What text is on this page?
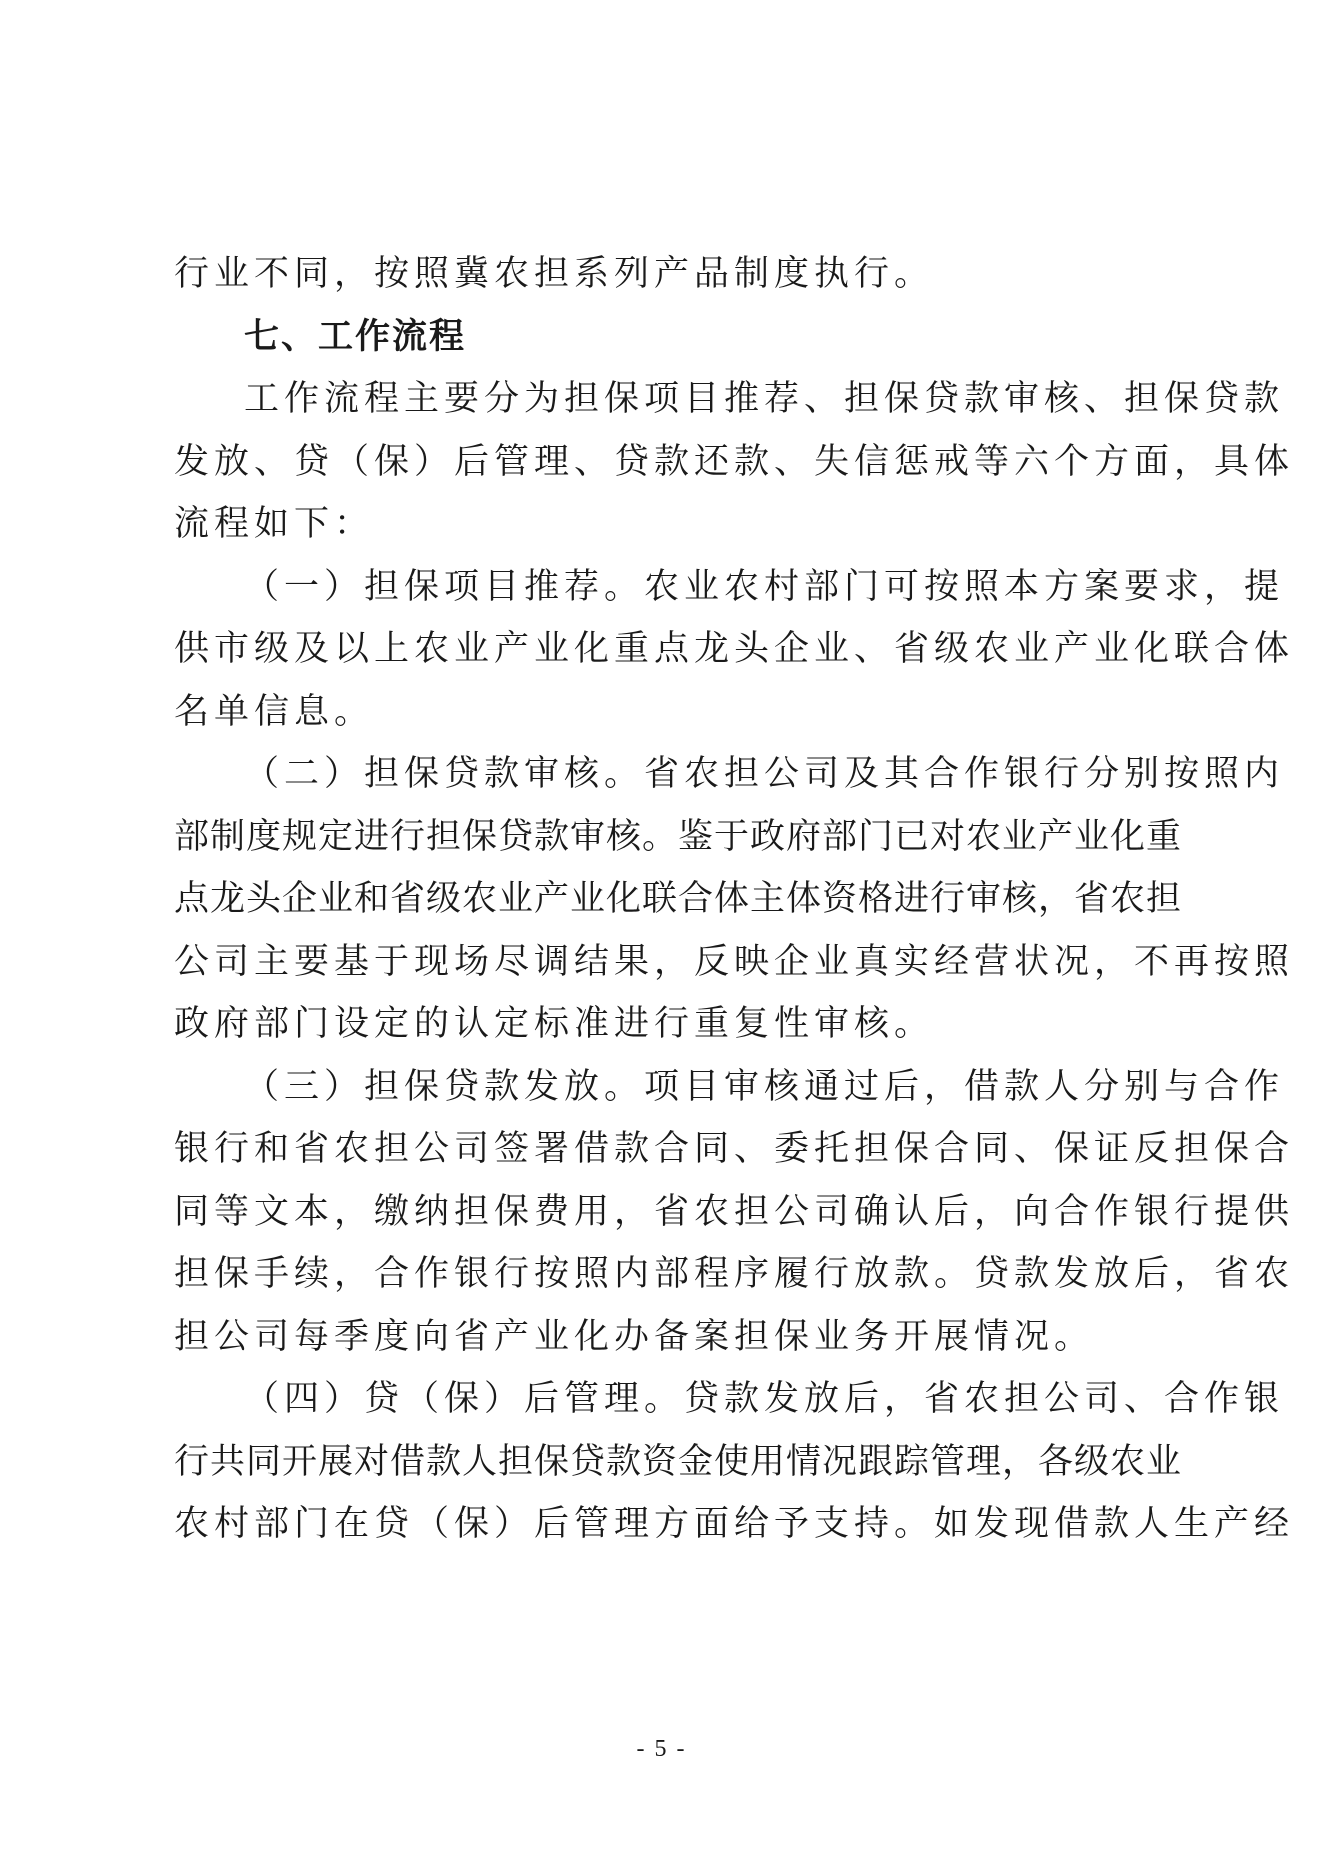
行业不同，按照冀农担系列产品制度执行。
七、工作流程
工作流程主要分为担保项目推荐、担保贷款审核、担保贷款
发放、贷（保）后管理、贷款还款、失信惩戒等六个方面，具体
流程如下：
（一）担保项目推荐。农业农村部门可按照本方案要求，提
供市级及以上农业产业化重点龙头企业、省级农业产业化联合体
名单信息。
（二）担保贷款审核。省农担公司及其合作银行分别按照内
部制度规定进行担保贷款审核。鉴于政府部门已对农业产业化重
点龙头企业和省级农业产业化联合体主体资格进行审核，省农担
公司主要基于现场尽调结果，反映企业真实经营状况，不再按照
政府部门设定的认定标准进行重复性审核。
（三）担保贷款发放。项目审核通过后，借款人分别与合作
银行和省农担公司签署借款合同、委托担保合同、保证反担保合
同等文本，缴纳担保费用，省农担公司确认后，向合作银行提供
担保手续，合作银行按照内部程序履行放款。贷款发放后，省农
担公司每季度向省产业化办备案担保业务开展情况。
（四）贷（保）后管理。贷款发放后，省农担公司、合作银
行共同开展对借款人担保贷款资金使用情况跟踪管理，各级农业
农村部门在贷（保）后管理方面给予支持。如发现借款人生产经
- 5 -
